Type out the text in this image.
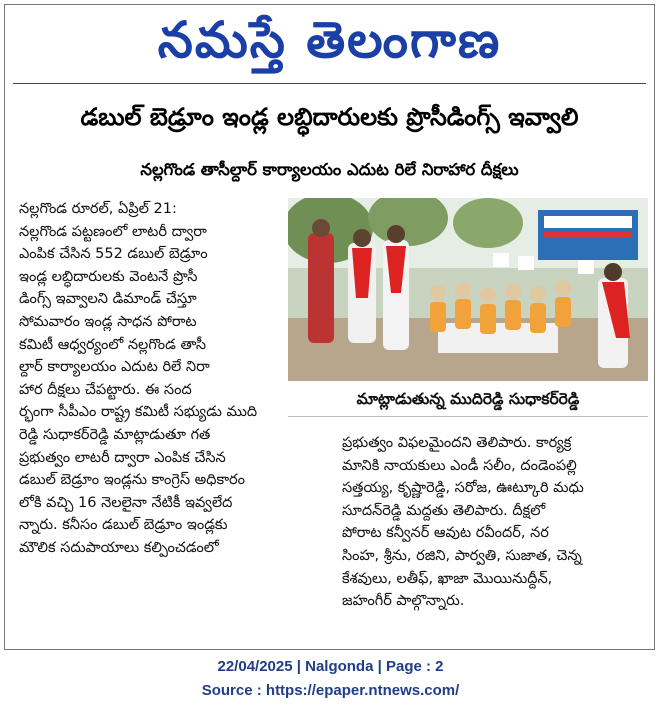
నమస్తే తెలంగాణ
డబుల్ బెడ్రూం ఇండ్ల లబ్ధిదారులకు ప్రొసీడింగ్స్ ఇవ్వాలి
నల్లగొండ తాసీల్దార్ కార్యాలయం ఎదుట రిలే నిరాహార దీక్షలు

నల్లగొండ రూరల్, ఏప్రిల్ 21:

నల్లగొండ పట్టణంలో లాటరీ ద్వారా

ఎంపిక చేసిన 552 డబుల్ బెడ్రూం

ఇండ్ల లబ్ధిదారులకు వెంటనే ప్రొసీ

డింగ్స్ ఇవ్వాలని డిమాండ్ చేస్తూ

సోమవారం ఇండ్ల సాధన పోరాట

కమిటీ ఆధ్వర్యంలో నల్లగొండ తాసీ

ల్దార్ కార్యాలయం ఎదుట రిలే నిరా

హార దీక్షలు చేపట్టారు. ఈ సంద

ర్భంగా సీపీఎం రాష్ట్ర కమిటీ సభ్యుడు ముది

రెడ్డి సుధాకర్‌రెడ్డి మాట్లాడుతూ గత

ప్రభుత్వం లాటరీ ద్వారా ఎంపిక చేసిన

డబుల్ బెడ్రూం ఇండ్లను కాంగ్రెస్ అధికారం

లోకి వచ్చి 16 నెలలైనా నేటికీ ఇవ్వలేద

న్నారు. కనీసం డబుల్ బెడ్రూం ఇండ్లకు

మౌలిక సదుపాయాలు కల్పించడంలో

మాట్లాడుతున్న ముదిరెడ్డి సుధాకర్‌రెడ్డి

ప్రభుత్వం విఫలమైందని తెలిపారు. కార్యక్ర

మానికి నాయకులు ఎండీ సలీం, దండెంపల్లి

సత్తయ్య, కృష్ణారెడ్డి, సరోజ, ఊట్కూరి మధు

సూదన్‌రెడ్డి మద్దతు తెలిపారు. దీక్షలో

పోరాట కన్వీనర్ ఆవుట రవీందర్, నర

సింహ, శ్రీను, రజిని, పార్వతి, సుజాత, చెన్న

కేశవులు, లతీఫ్, ఖాజా మొయినుద్దీన్,

జహంగీర్ పాల్గొన్నారు.

22/04/2025 | Nalgonda | Page : 2
Source : https://epaper.ntnews.com/
